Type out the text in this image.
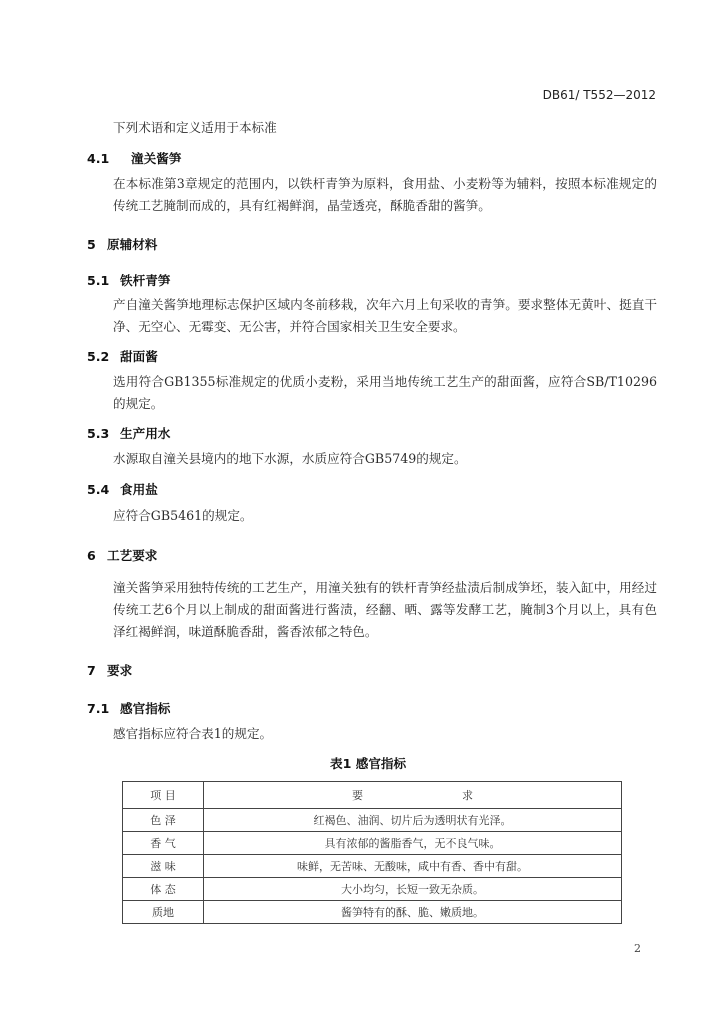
DB61/ T552—2012
下列术语和定义适用于本标准
4.1 潼关酱笋
在本标准第3章规定的范围内，以铁杆青笋为原料，食用盐、小麦粉等为辅料，按照本标准规定的传统工艺腌制而成的，具有红褐鲜润，晶莹透亮，酥脆香甜的酱笋。
5 原辅材料
5.1 铁杆青笋
产自潼关酱笋地理标志保护区域内冬前移栽，次年六月上旬采收的青笋。要求整体无黄叶、挺直干净、无空心、无霉变、无公害，并符合国家相关卫生安全要求。
5.2 甜面酱
选用符合GB1355标准规定的优质小麦粉，采用当地传统工艺生产的甜面酱，应符合SB/T10296的规定。
5.3 生产用水
水源取自潼关县境内的地下水源，水质应符合GB5749的规定。
5.4 食用盐
应符合GB5461的规定。
6 工艺要求
潼关酱笋采用独特传统的工艺生产，用潼关独有的铁杆青笋经盐渍后制成笋坯，装入缸中，用经过传统工艺6个月以上制成的甜面酱进行酱渍，经翻、晒、露等发酵工艺，腌制3个月以上，具有色泽红褐鲜润，味道酥脆香甜，酱香浓郁之特色。
7 要求
7.1 感官指标
感官指标应符合表1的规定。
表1 感官指标
项 目	要　　　　　　　　　求
色 泽	红褐色、油润、切片后为透明状有光泽。
香 气	具有浓郁的酱脂香气，无不良气味。
滋 味	味鲜，无苦味、无酸味，咸中有香、香中有甜。
体 态	大小均匀，长短一致无杂质。
质地	酱笋特有的酥、脆、嫩质地。
2
